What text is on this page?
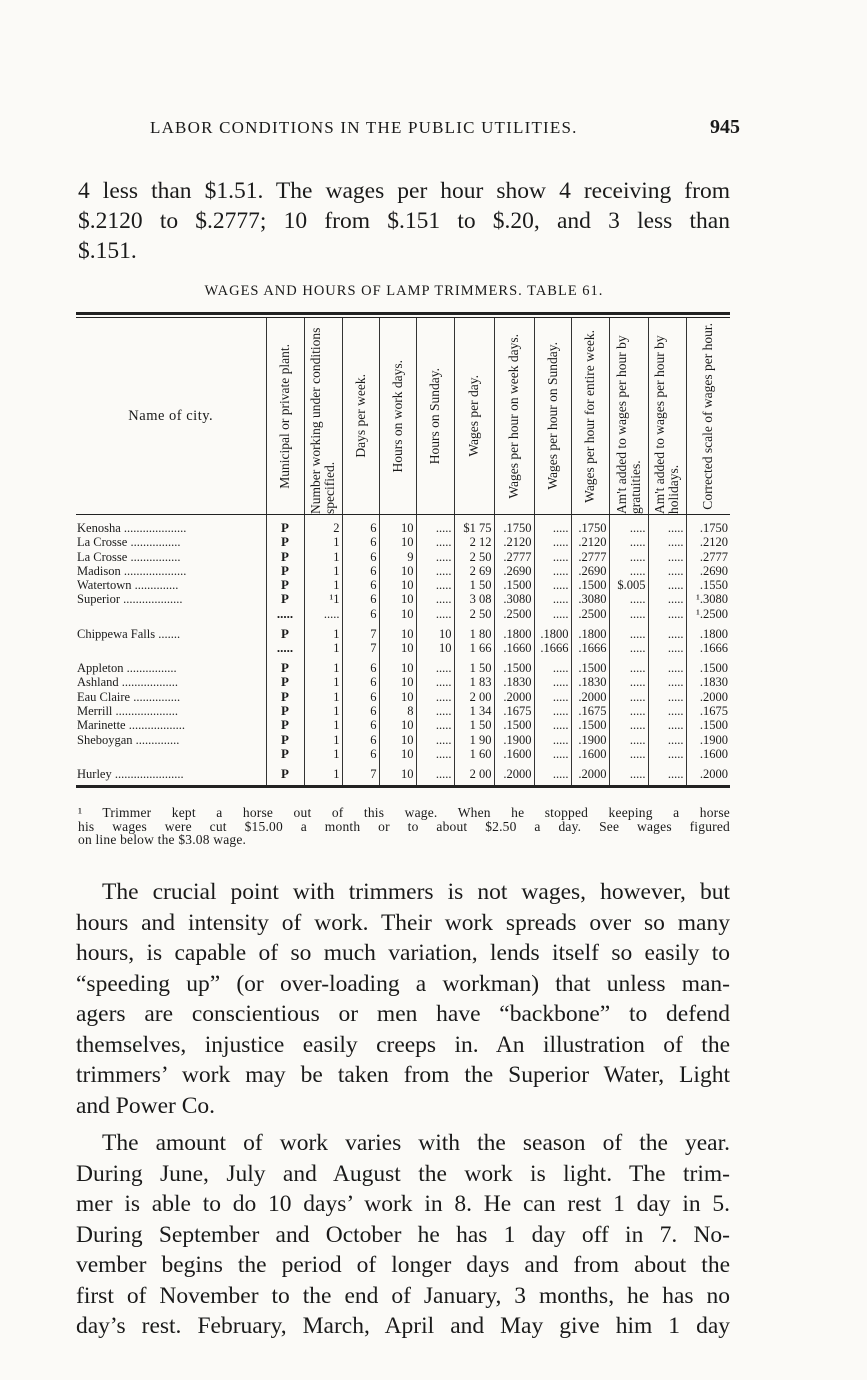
LABOR CONDITIONS IN THE PUBLIC UTILITIES.	945
4 less than $1.51. The wages per hour show 4 receiving from
$.2120 to $.2777; 10 from $.151 to $.20, and 3 less than
$.151.
WAGES AND HOURS OF LAMP TRIMMERS. TABLE 61.
Name of city.	Municipal or private plant.	Number working under conditions specified.	Days per week.	Hours on work days.	Hours on Sunday.	Wages per day.	Wages per hour on week days.	Wages per hour on Sunday.	Wages per hour for entire week.	Am't added to wages per hour by gratuities.	Am't added to wages per hour by holidays.	Corrected scale of wages per hour.

Kenosha ....................	P	2	6	10	.....	$1 75	.1750	.....	.1750	.....	.....	.1750
La Crosse ................	P	1	6	10	.....	2 12	.2120	.....	.2120	.....	.....	.2120
La Crosse ................	P	1	6	9	.....	2 50	.2777	.....	.2777	.....	.....	.2777
Madison ....................	P	1	6	10	.....	2 69	.2690	.....	.2690	.....	.....	.2690
Watertown ..............	P	1	6	10	.....	1 50	.1500	.....	.1500	$.005	.....	.1550
Superior ...................	P	¹1	6	10	.....	3 08	.3080	.....	.3080	.....	.....	¹.3080
	.....	.....	6	10	.....	2 50	.2500	.....	.2500	.....	.....	¹.2500
Chippewa Falls .......	P	1	7	10	10	1 80	.1800	.1800	.1800	.....	.....	.1800
	.....	1	7	10	10	1 66	.1660	.1666	.1666	.....	.....	.1666
Appleton ................	P	1	6	10	.....	1 50	.1500	.....	.1500	.....	.....	.1500
Ashland ..................	P	1	6	10	.....	1 83	.1830	.....	.1830	.....	.....	.1830
Eau Claire ...............	P	1	6	10	.....	2 00	.2000	.....	.2000	.....	.....	.2000
Merrill ....................	P	1	6	8	.....	1 34	.1675	.....	.1675	.....	.....	.1675
Marinette ..................	P	1	6	10	.....	1 50	.1500	.....	.1500	.....	.....	.1500
Sheboygan ..............	P	1	6	10	.....	1 90	.1900	.....	.1900	.....	.....	.1900
	P	1	6	10	.....	1 60	.1600	.....	.1600	.....	.....	.1600
Hurley ......................	P	1	7	10	.....	2 00	.2000	.....	.2000	.....	.....	.2000
¹ Trimmer kept a horse out of this wage. When he stopped keeping a horse
his wages were cut $15.00 a month or to about $2.50 a day. See wages figured
on line below the $3.08 wage.
The crucial point with trimmers is not wages, however, but
hours and intensity of work. Their work spreads over so many
hours, is capable of so much variation, lends itself so easily to
“speeding up” (or over-loading a workman) that unless man-
agers are conscientious or men have “backbone” to defend
themselves, injustice easily creeps in. An illustration of the
trimmers’ work may be taken from the Superior Water, Light
and Power Co.
The amount of work varies with the season of the year.
During June, July and August the work is light. The trim-
mer is able to do 10 days’ work in 8. He can rest 1 day in 5.
During September and October he has 1 day off in 7. No-
vember begins the period of longer days and from about the
first of November to the end of January, 3 months, he has no
day’s rest. February, March, April and May give him 1 day
